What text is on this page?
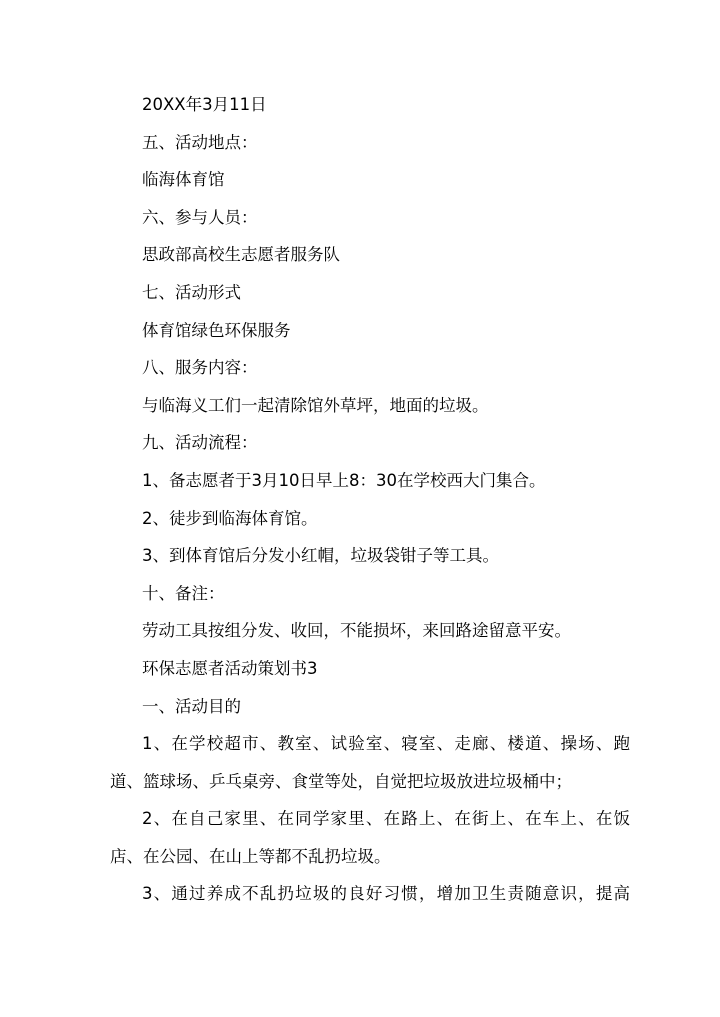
20XX年3月11日

五、活动地点：

临海体育馆

六、参与人员：

思政部高校生志愿者服务队

七、活动形式

体育馆绿色环保服务

八、服务内容：

与临海义工们一起清除馆外草坪，地面的垃圾。

九、活动流程：

1、备志愿者于3月10日早上8：30在学校西大门集合。

2、徒步到临海体育馆。

3、到体育馆后分发小红帽，垃圾袋钳子等工具。

十、备注：

劳动工具按组分发、收回，不能损坏，来回路途留意平安。

环保志愿者活动策划书3

一、活动目的

1、在学校超市、教室、试验室、寝室、走廊、楼道、操场、跑
道、篮球场、乒乓桌旁、食堂等处，自觉把垃圾放进垃圾桶中；
2、在自己家里、在同学家里、在路上、在街上、在车上、在饭
店、在公园、在山上等都不乱扔垃圾。
3、通过养成不乱扔垃圾的良好习惯，增加卫生责随意识，提高
